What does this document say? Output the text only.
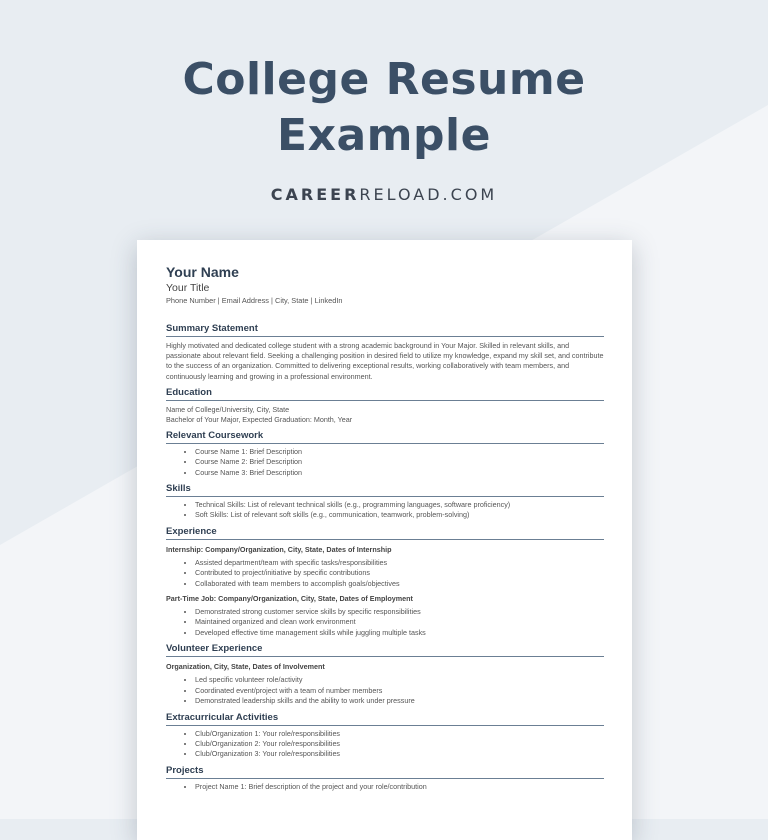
College Resume
Example
CAREERRELOAD.COM
Your Name
Your Title
Phone Number | Email Address | City, State | LinkedIn
Summary Statement
Highly motivated and dedicated college student with a strong academic background in Your Major. Skilled in relevant skills, and passionate about relevant field. Seeking a challenging position in desired field to utilize my knowledge, expand my skill set, and contribute to the success of an organization. Committed to delivering exceptional results, working collaboratively with team members, and continuously learning and growing in a professional environment.
Education
Name of College/University, City, State
Bachelor of Your Major, Expected Graduation: Month, Year
Relevant Coursework
• Course Name 1: Brief Description
• Course Name 2: Brief Description
• Course Name 3: Brief Description
Skills
• Technical Skills: List of relevant technical skills (e.g., programming languages, software proficiency)
• Soft Skills: List of relevant soft skills (e.g., communication, teamwork, problem-solving)
Experience
Internship: Company/Organization, City, State, Dates of Internship
• Assisted department/team with specific tasks/responsibilities
• Contributed to project/initiative by specific contributions
• Collaborated with team members to accomplish goals/objectives
Part-Time Job: Company/Organization, City, State, Dates of Employment
• Demonstrated strong customer service skills by specific responsibilities
• Maintained organized and clean work environment
• Developed effective time management skills while juggling multiple tasks
Volunteer Experience
Organization, City, State, Dates of Involvement
• Led specific volunteer role/activity
• Coordinated event/project with a team of number members
• Demonstrated leadership skills and the ability to work under pressure
Extracurricular Activities
• Club/Organization 1: Your role/responsibilities
• Club/Organization 2: Your role/responsibilities
• Club/Organization 3: Your role/responsibilities
Projects
• Project Name 1: Brief description of the project and your role/contribution
